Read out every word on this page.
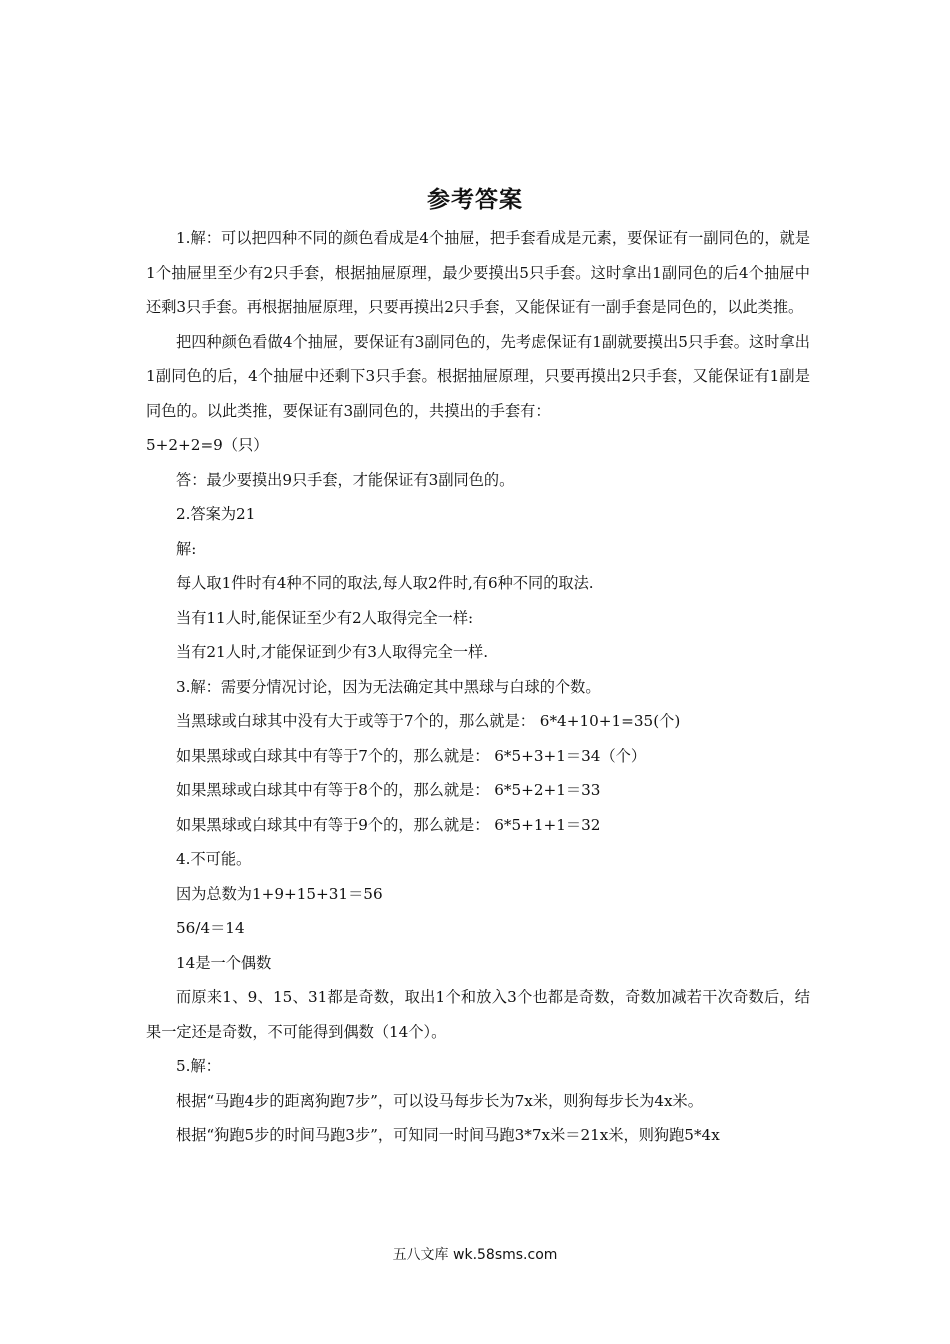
参考答案

1.解：可以把四种不同的颜色看成是4个抽屉，把手套看成是元素，要保证有一副同色的，就是1个抽屉里至少有2只手套，根据抽屉原理，最少要摸出5只手套。这时拿出1副同色的后4个抽屉中还剩3只手套。再根据抽屉原理，只要再摸出2只手套，又能保证有一副手套是同色的，以此类推。

把四种颜色看做4个抽屉，要保证有3副同色的，先考虑保证有1副就要摸出5只手套。这时拿出1副同色的后，4个抽屉中还剩下3只手套。根据抽屉原理，只要再摸出2只手套，又能保证有1副是同色的。以此类推，要保证有3副同色的，共摸出的手套有：

5+2+2=9（只）

答：最少要摸出9只手套，才能保证有3副同色的。

2.答案为21

解:

每人取1件时有4种不同的取法,每人取2件时,有6种不同的取法.

当有11人时,能保证至少有2人取得完全一样:

当有21人时,才能保证到少有3人取得完全一样.

3.解：需要分情况讨论，因为无法确定其中黑球与白球的个数。

当黑球或白球其中没有大于或等于7个的，那么就是： 6*4+10+1=35(个)

如果黑球或白球其中有等于7个的，那么就是： 6*5+3+1＝34（个）

如果黑球或白球其中有等于8个的，那么就是： 6*5+2+1＝33

如果黑球或白球其中有等于9个的，那么就是： 6*5+1+1＝32

4.不可能。

因为总数为1+9+15+31＝56

56/4＝14

14是一个偶数

而原来1、9、15、31都是奇数，取出1个和放入3个也都是奇数，奇数加减若干次奇数后，结果一定还是奇数，不可能得到偶数（14个）。

5.解：

根据“马跑4步的距离狗跑7步”，可以设马每步长为7x米，则狗每步长为4x米。

根据“狗跑5步的时间马跑3步”，可知同一时间马跑3*7x米＝21x米，则狗跑5*4x

五八文库 wk.58sms.com
